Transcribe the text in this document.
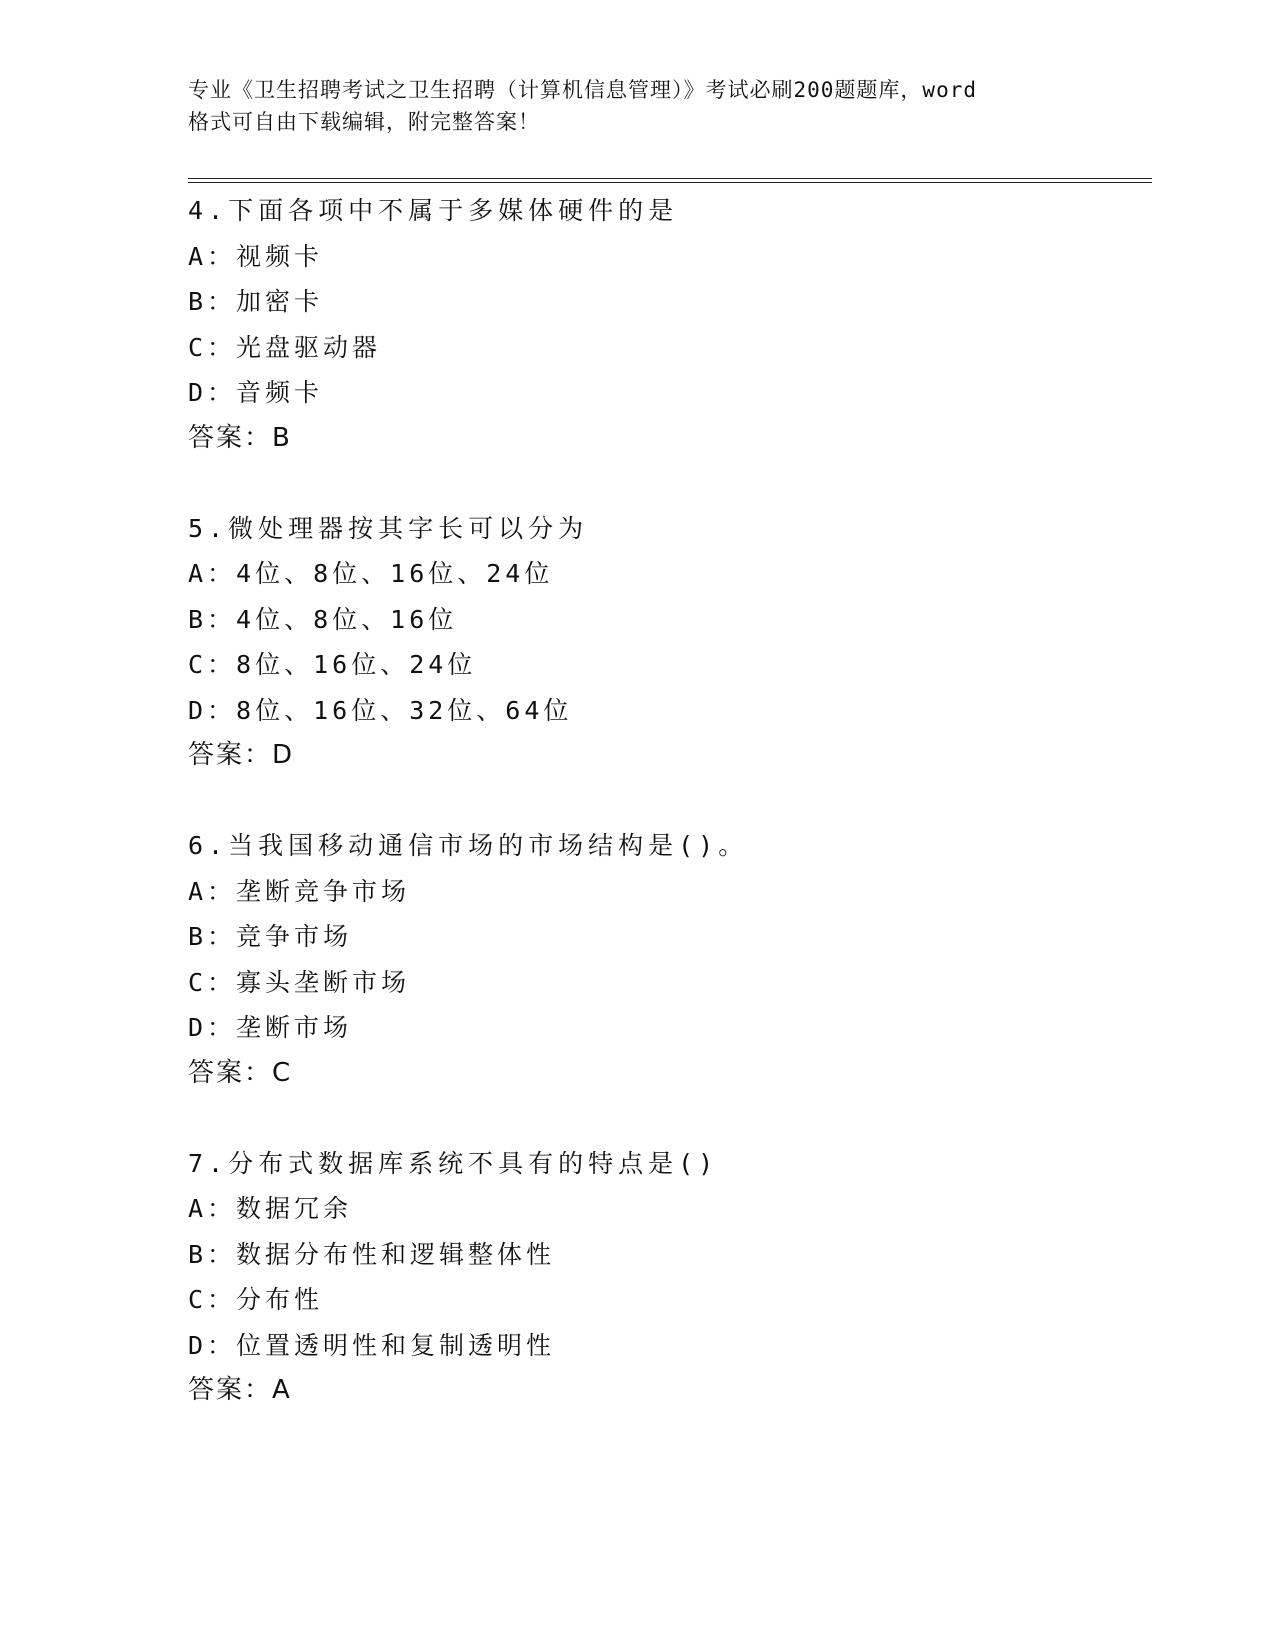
专业《卫生招聘考试之卫生招聘（计算机信息管理）》考试必刷200题题库，word
格式可自由下载编辑，附完整答案！
4.下面各项中不属于多媒体硬件的是
A：视频卡
B：加密卡
C：光盘驱动器
D：音频卡
答案：B
5.微处理器按其字长可以分为
A：4位、8位、16位、24位
B：4位、8位、16位
C：8位、16位、24位
D：8位、16位、32位、64位
答案：D
6.当我国移动通信市场的市场结构是()。
A：垄断竞争市场
B：竞争市场
C：寡头垄断市场
D：垄断市场
答案：C
7.分布式数据库系统不具有的特点是()
A：数据冗余
B：数据分布性和逻辑整体性
C：分布性
D：位置透明性和复制透明性
答案：A
